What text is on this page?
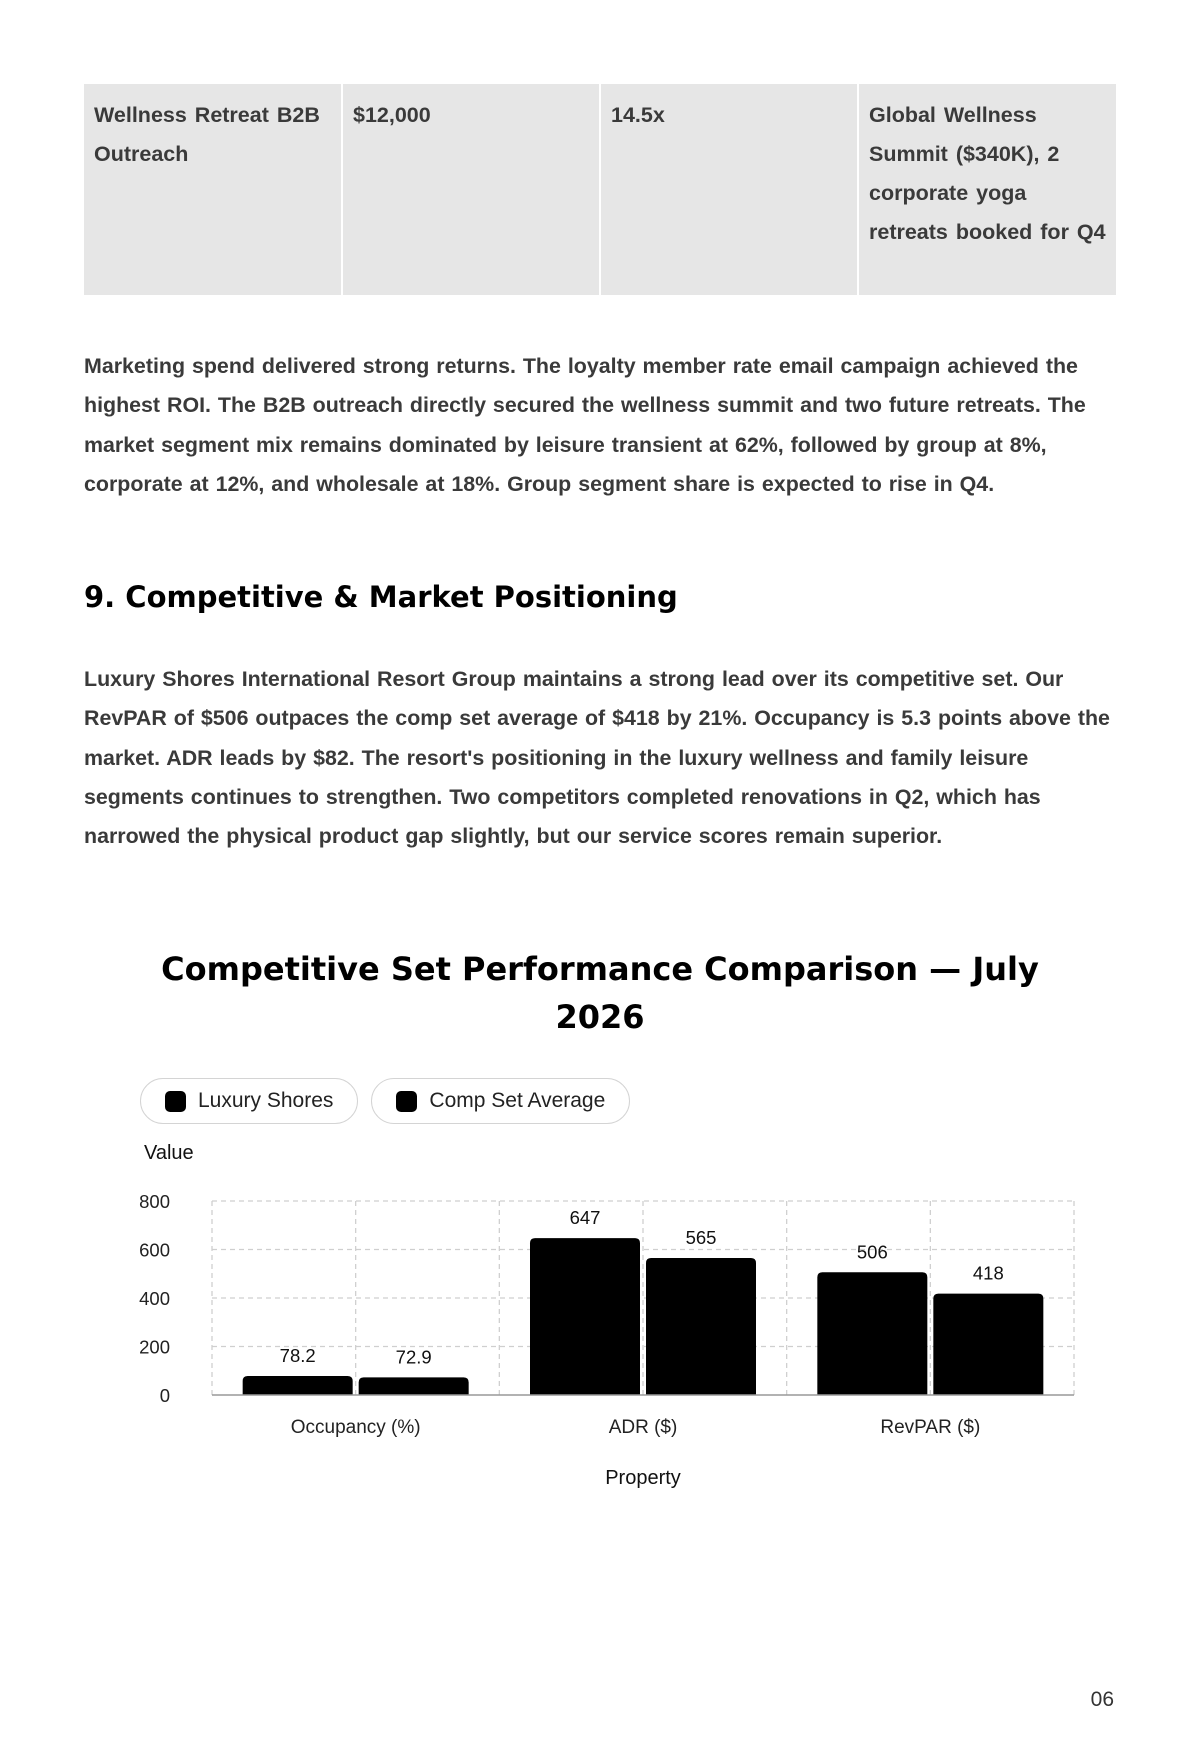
Wellness Retreat B2B Outreach	$12,000	14.5x	Global Wellness Summit ($340K), 2 corporate yoga retreats booked for Q4

Marketing spend delivered strong returns. The loyalty member rate email campaign achieved the highest ROI. The B2B outreach directly secured the wellness summit and two future retreats. The market segment mix remains dominated by leisure transient at 62%, followed by group at 8%, corporate at 12%, and wholesale at 18%. Group segment share is expected to rise in Q4.

9. Competitive & Market Positioning

Luxury Shores International Resort Group maintains a strong lead over its competitive set. Our RevPAR of $506 outpaces the comp set average of $418 by 21%. Occupancy is 5.3 points above the market. ADR leads by $82. The resort's positioning in the luxury wellness and family leisure segments continues to strengthen. Two competitors completed renovations in Q2, which has narrowed the physical product gap slightly, but our service scores remain superior.

Competitive Set Performance Comparison — July 2026
Luxury Shores	Comp Set Average
Value
0
200
400
600
800
78.2	72.9
Occupancy (%)
647
565
ADR ($)
506
418
RevPAR ($)
Property
06
